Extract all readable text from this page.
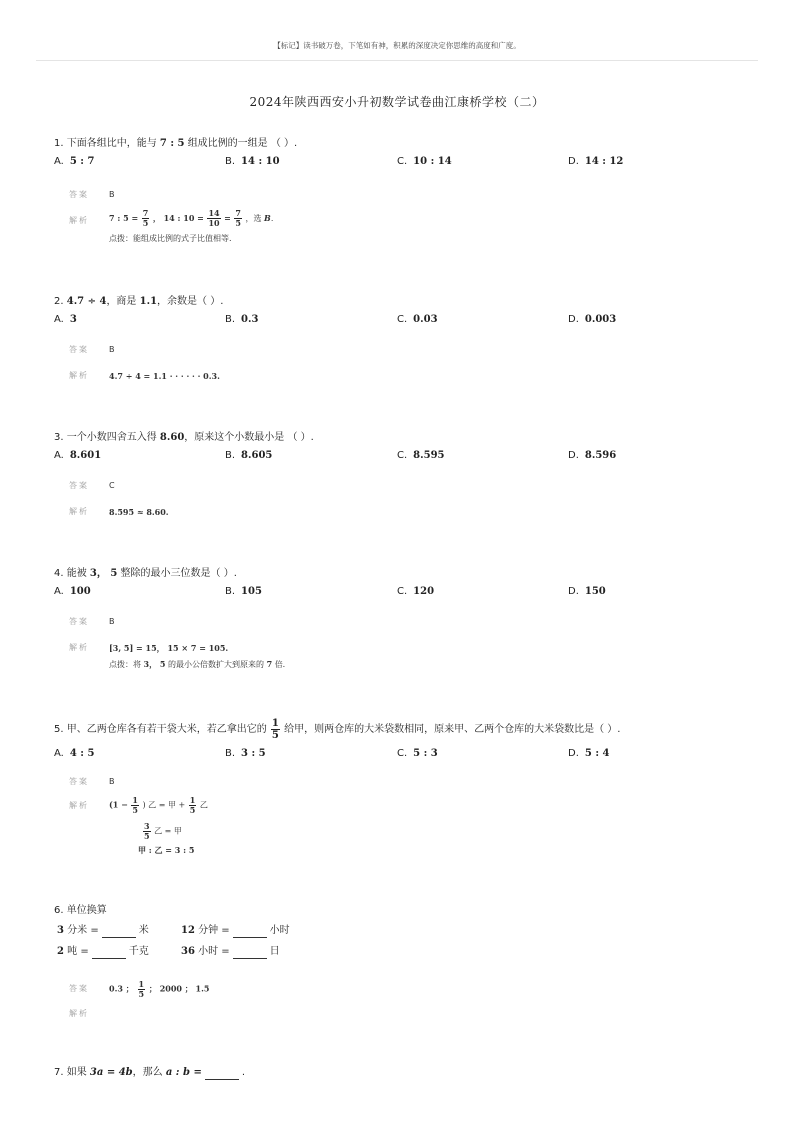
【标记】读书破万卷，下笔如有神，积累的深度决定你思维的高度和广度。
2024年陕西西安小升初数学试卷曲江康桥学校（二）
1. 下面各组比中，能与 7 : 5 组成比例的一组是 （ ）.
A. 5 : 7	B. 14 : 10	C. 10 : 14	D. 14 : 12
答案	B
解析	7 : $5 = \frac{7}{5}$ ， 14 : $10 = \frac{14}{10} = \frac{7}{5}$ ，选 B.
点拨：能组成比例的式子比值相等.
2. 4.7 ÷ 4，商是 1.1，余数是（ ）.
A. 3	B. 0.3	C. 0.03	D. 0.003
答案	B
解析	4.7 ÷ 4 = 1.1 · · · · · · 0.3.
3. 一个小数四舍五入得 8.60，原来这个小数最小是 （ ）.
A. 8.601	B. 8.605	C. 8.595	D. 8.596
答案	C
解析	8.595 ≈ 8.60.
4. 能被 3， 5 整除的最小三位数是（ ）.
A. 100	B. 105	C. 120	D. 150
答案	B
解析	[3, 5] = 15， 15 × 7 = 105.
点拨：将 3， 5 的最小公倍数扩大到原来的 7 倍.
5. 甲、乙两仓库各有若干袋大米，若乙拿出它的 $\frac{1}{5}$ 给甲，则两仓库的大米袋数相同，原来甲、乙两个仓库的大米袋数比是（ ）.
A. 4 : 5	B. 3 : 5	C. 5 : 3	D. 5 : 4
答案	B
解析	($1 - \frac{1}{5}$ ) 乙 = 甲 + $\frac{1}{5}$ 乙
$\frac{3}{5}$ 乙 = 甲
甲 : 乙 = 3 : 5
6. 单位换算
3 分米 =	米	12 分钟 =	小时
2 吨 =	千克	36 小时 =	日
答案	0.3 ； $\frac{1}{5}$ ； 2000 ； 1.5
解析
7. 如果 3a = 4b，那么 a : b =	.
